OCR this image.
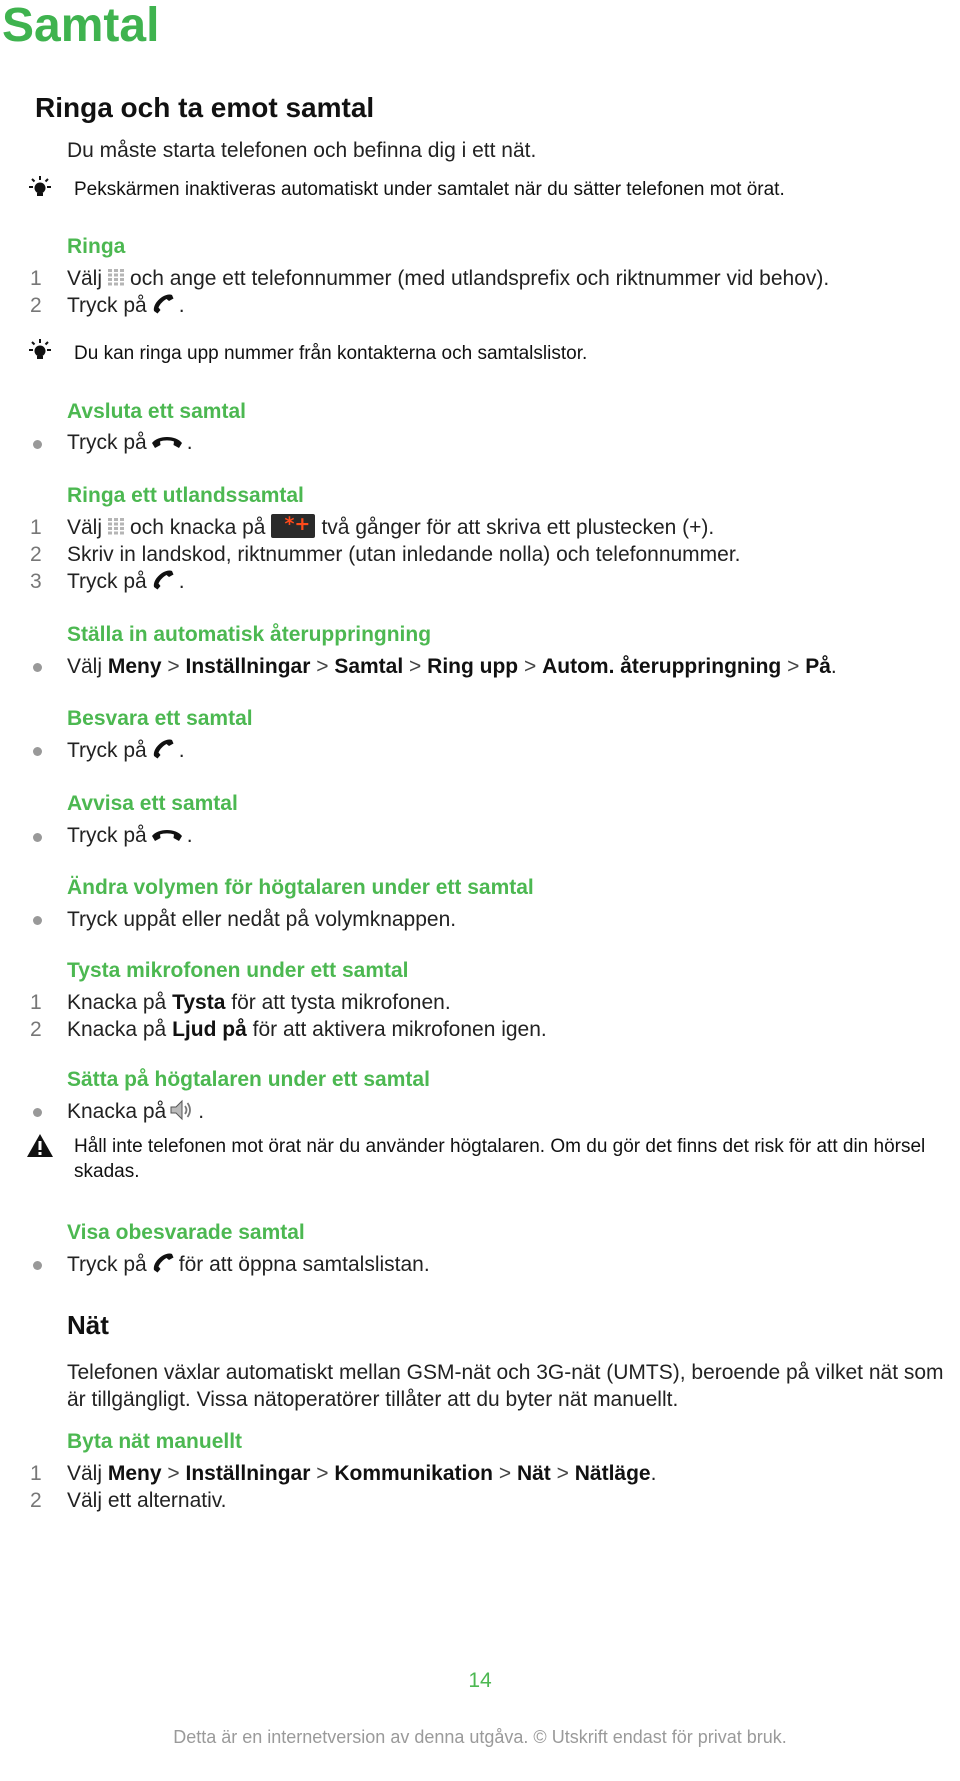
Samtal
Ringa och ta emot samtal
Du måste starta telefonen och befinna dig i ett nät.
Pekskärmen inaktiveras automatiskt under samtalet när du sätter telefonen mot örat.
Ringa
1 Välj och ange ett telefonnummer (med utlandsprefix och riktnummer vid behov).
2 Tryck på .
Du kan ringa upp nummer från kontakterna och samtalslistor.
Avsluta ett samtal
Tryck på .
Ringa ett utlandssamtal
1 Välj och knacka på *+ två gånger för att skriva ett plustecken (+).
2 Skriv in landskod, riktnummer (utan inledande nolla) och telefonnummer.
3 Tryck på .
Ställa in automatisk återuppringning
Välj Meny > Inställningar > Samtal > Ring upp > Autom. återuppringning > På.
Besvara ett samtal
Tryck på .
Avvisa ett samtal
Tryck på .
Ändra volymen för högtalaren under ett samtal
Tryck uppåt eller nedåt på volymknappen.
Tysta mikrofonen under ett samtal
1 Knacka på Tysta för att tysta mikrofonen.
2 Knacka på Ljud på för att aktivera mikrofonen igen.
Sätta på högtalaren under ett samtal
Knacka på .
Håll inte telefonen mot örat när du använder högtalaren. Om du gör det finns det risk för att din hörsel skadas.
Visa obesvarade samtal
Tryck på för att öppna samtalslistan.
Nät
Telefonen växlar automatiskt mellan GSM-nät och 3G-nät (UMTS), beroende på vilket nät som är tillgängligt. Vissa nätoperatörer tillåter att du byter nät manuellt.
Byta nät manuellt
1 Välj Meny > Inställningar > Kommunikation > Nät > Nätläge.
2 Välj ett alternativ.
14
Detta är en internetversion av denna utgåva. © Utskrift endast för privat bruk.
